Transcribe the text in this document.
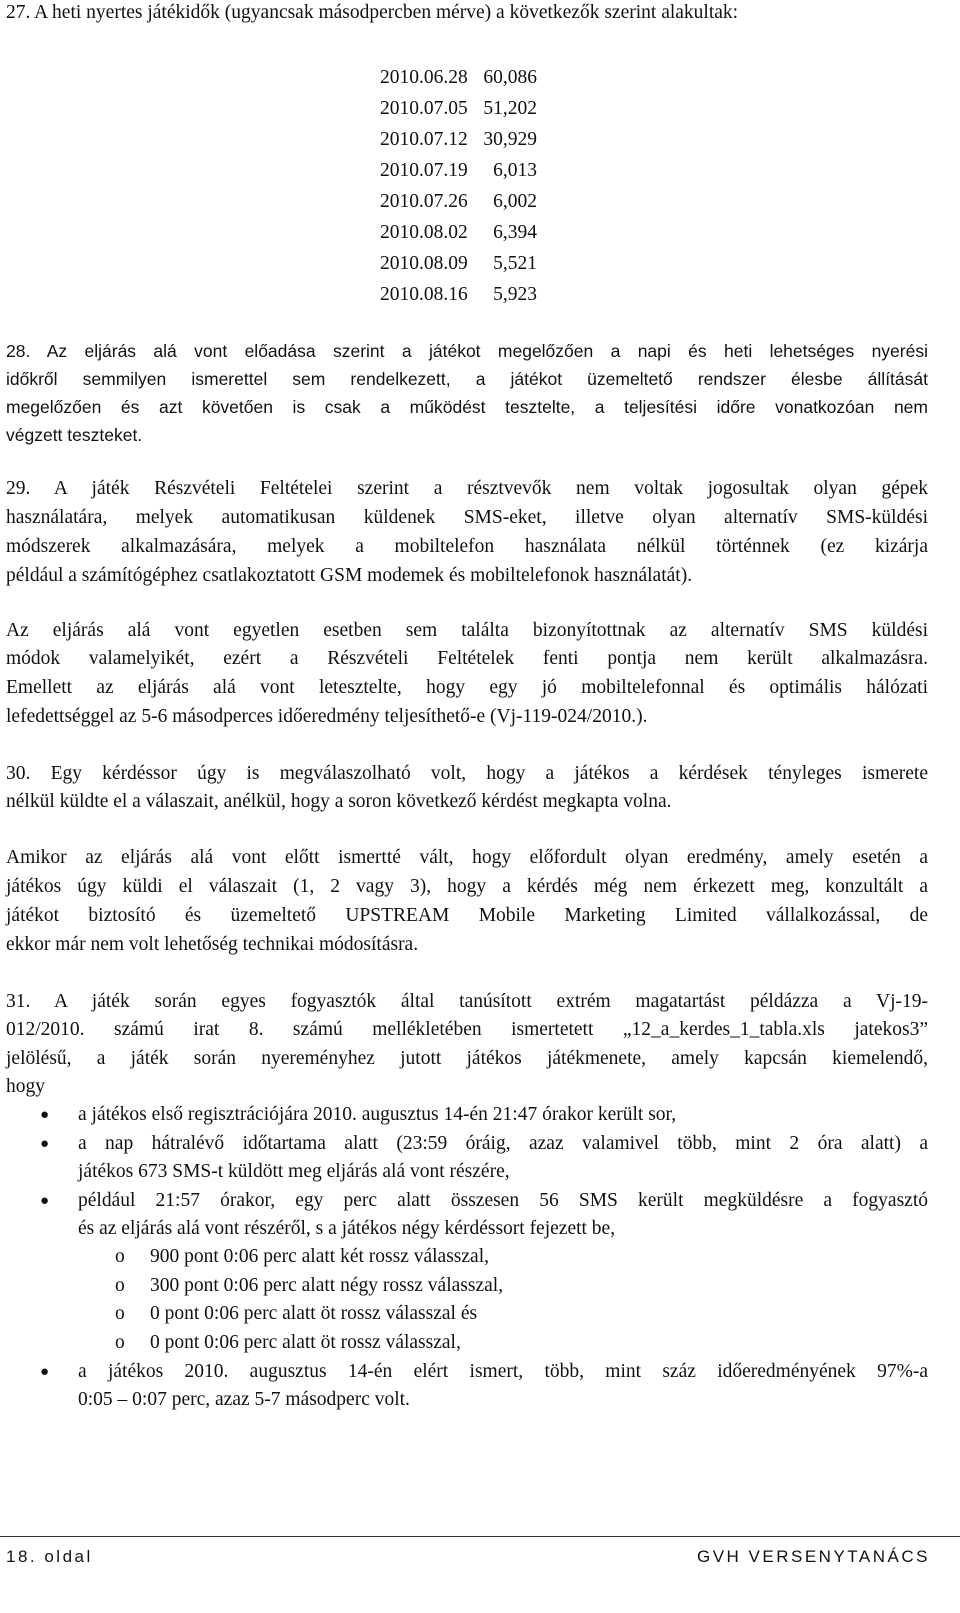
27. A heti nyertes játékidők (ugyancsak másodpercben mérve) a következők szerint alakultak:
2010.06.28 60,086
2010.07.05 51,202
2010.07.12 30,929
2010.07.19 6,013
2010.07.26 6,002
2010.08.02 6,394
2010.08.09 5,521
2010.08.16 5,923
28. Az eljárás alá vont előadása szerint a játékot megelőzően a napi és heti lehetséges nyerési
időkről semmilyen ismerettel sem rendelkezett, a játékot üzemeltető rendszer élesbe állítását
megelőzően és azt követően is csak a működést tesztelte, a teljesítési időre vonatkozóan nem
végzett teszteket.
29. A játék Részvételi Feltételei szerint a résztvevők nem voltak jogosultak olyan gépek
használatára, melyek automatikusan küldenek SMS-eket, illetve olyan alternatív SMS-küldési
módszerek alkalmazására, melyek a mobiltelefon használata nélkül történnek (ez kizárja
például a számítógéphez csatlakoztatott GSM modemek és mobiltelefonok használatát).
Az eljárás alá vont egyetlen esetben sem találta bizonyítottnak az alternatív SMS küldési
módok valamelyikét, ezért a Részvételi Feltételek fenti pontja nem került alkalmazásra.
Emellett az eljárás alá vont letesztelte, hogy egy jó mobiltelefonnal és optimális hálózati
lefedettséggel az 5-6 másodperces időeredmény teljesíthető-e (Vj-119-024/2010.).
30. Egy kérdéssor úgy is megválaszolható volt, hogy a játékos a kérdések tényleges ismerete
nélkül küldte el a válaszait, anélkül, hogy a soron következő kérdést megkapta volna.
Amikor az eljárás alá vont előtt ismertté vált, hogy előfordult olyan eredmény, amely esetén a
játékos úgy küldi el válaszait (1, 2 vagy 3), hogy a kérdés még nem érkezett meg, konzultált a
játékot biztosító és üzemeltető UPSTREAM Mobile Marketing Limited vállalkozással, de
ekkor már nem volt lehetőség technikai módosításra.
31. A játék során egyes fogyasztók által tanúsított extrém magatartást példázza a Vj-19-
012/2010. számú irat 8. számú mellékletében ismertetett „12_a_kerdes_1_tabla.xls jatekos3”
jelölésű, a játék során nyereményhez jutott játékos játékmenete, amely kapcsán kiemelendő,
hogy
● a játékos első regisztrációjára 2010. augusztus 14-én 21:47 órakor került sor,
● a nap hátralévő időtartama alatt (23:59 óráig, azaz valamivel több, mint 2 óra alatt) a
játékos 673 SMS-t küldött meg eljárás alá vont részére,
● például 21:57 órakor, egy perc alatt összesen 56 SMS került megküldésre a fogyasztó
és az eljárás alá vont részéről, s a játékos négy kérdéssort fejezett be,
o 900 pont 0:06 perc alatt két rossz válasszal,
o 300 pont 0:06 perc alatt négy rossz válasszal,
o 0 pont 0:06 perc alatt öt rossz válasszal és
o 0 pont 0:06 perc alatt öt rossz válasszal,
● a játékos 2010. augusztus 14-én elért ismert, több, mint száz időeredményének 97%-a
0:05 – 0:07 perc, azaz 5-7 másodperc volt.
18. oldal	GVH VERSENYTANÁCS
